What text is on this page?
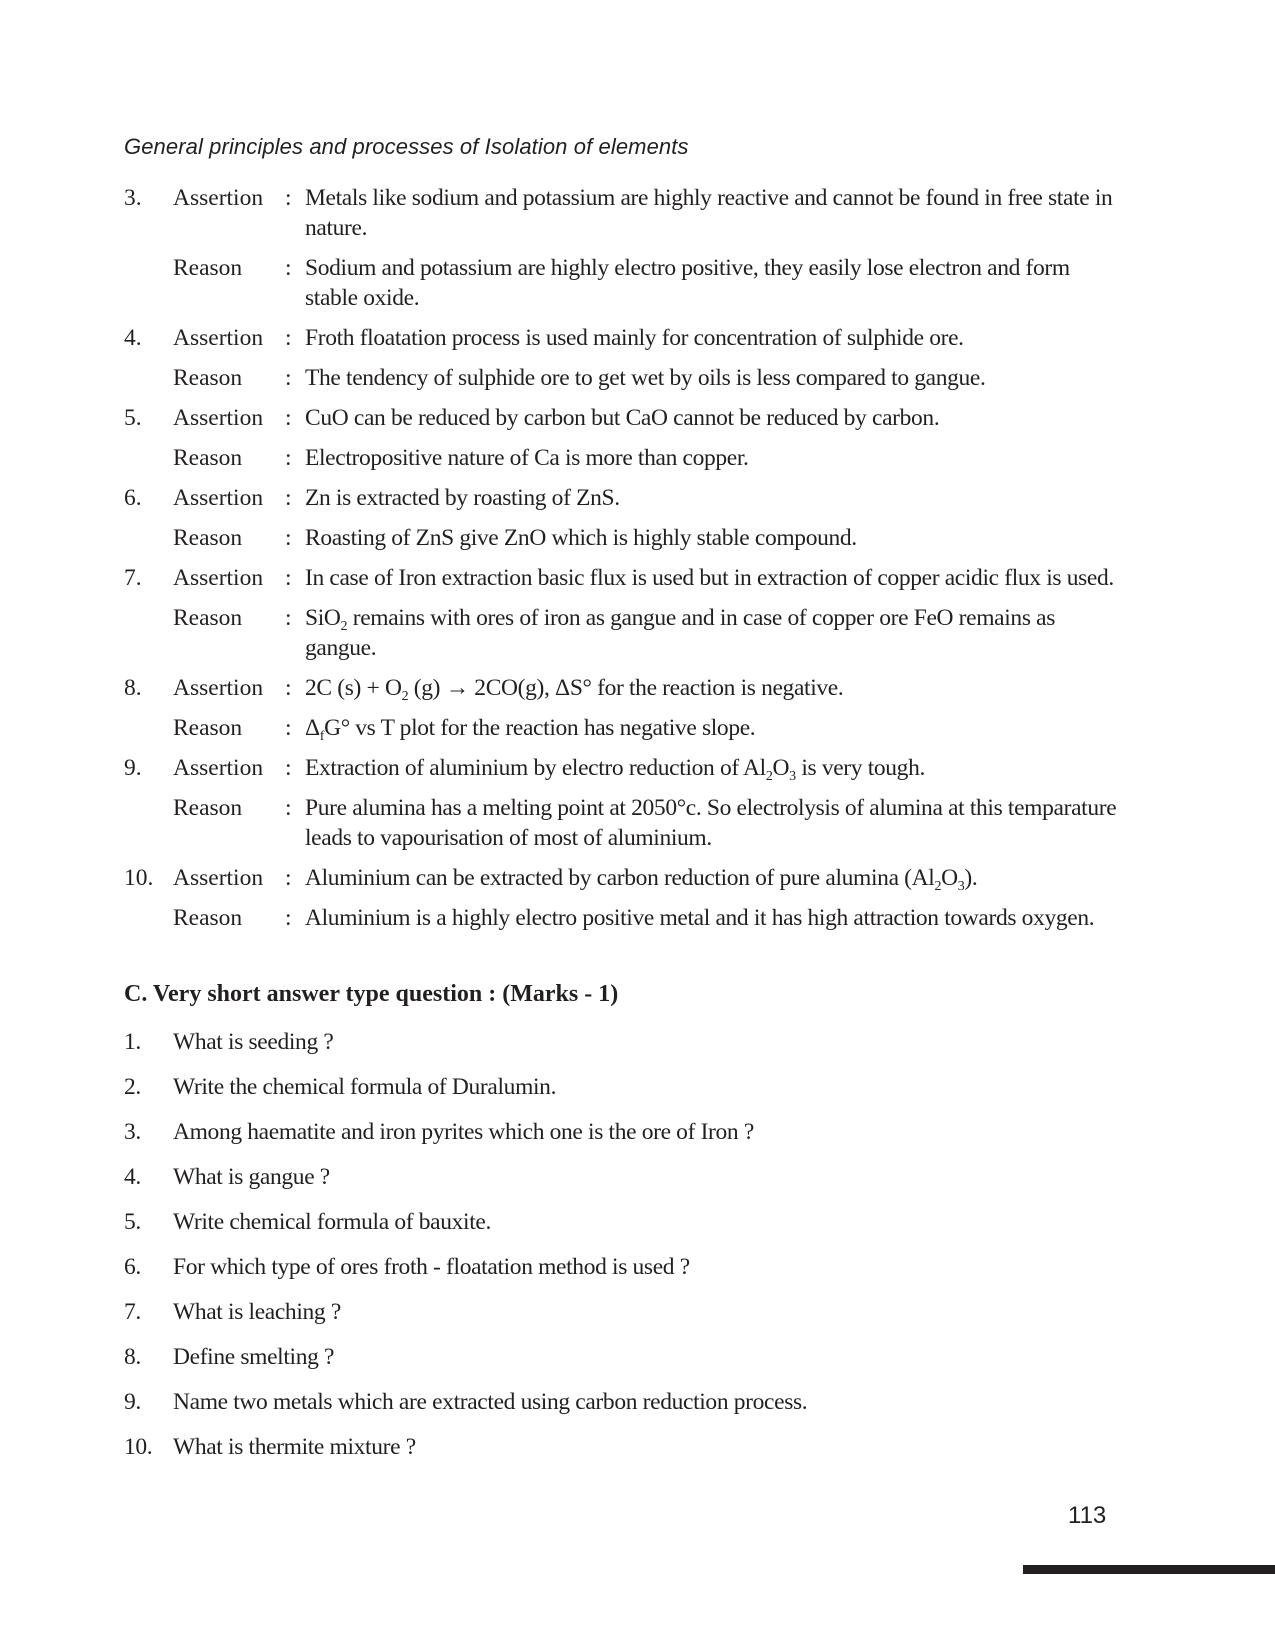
General principles and processes of Isolation of elements
3.	Assertion : Metals like sodium and potassium are highly reactive and cannot be found in free state in nature.
Reason	: Sodium and potassium are highly electro positive, they easily lose electron and form stable oxide.
4.	Assertion : Froth floatation process is used mainly for concentration of sulphide ore.
Reason	: The tendency of sulphide ore to get wet by oils is less compared to gangue.
5.	Assertion : CuO can be reduced by carbon but CaO cannot be reduced by carbon.
Reason	: Electropositive nature of Ca is more than copper.
6.	Assertion : Zn is extracted by roasting of ZnS.
Reason	: Roasting of ZnS give ZnO which is highly stable compound.
7.	Assertion : In case of Iron extraction basic flux is used but in extraction of copper acidic flux is used.
Reason	: SiO$_2$ remains with ores of iron as gangue and in case of copper ore FeO remains as gangue.
8.	Assertion : 2C $(s) + O_2$ (g) → 2CO(g), ΔS° for the reaction is negative.
Reason	: $\Delta_fG^\circ$ vs T plot for the reaction has negative slope.
9.	Assertion : Extraction of aluminium by electro reduction of $Al_2O_3$ is very tough.
Reason	: Pure alumina has a melting point at 2050°c. So electrolysis of alumina at this temparature leads to vapourisation of most of aluminium.
10. Assertion : Aluminium can be extracted by carbon reduction of pure alumina $(Al_2O_3)$.
Reason	: Aluminium is a highly electro positive metal and it has high attraction towards oxygen.
C. Very short answer type question : (Marks - 1)
1.	What is seeding ?
2.	Write the chemical formula of Duralumin.
3.	Among haematite and iron pyrites which one is the ore of Iron ?
4.	What is gangue ?
5.	Write chemical formula of bauxite.
6.	For which type of ores froth - floatation method is used ?
7.	What is leaching ?
8.	Define smelting ?
9.	Name two metals which are extracted using carbon reduction process.
10. What is thermite mixture ?
113
